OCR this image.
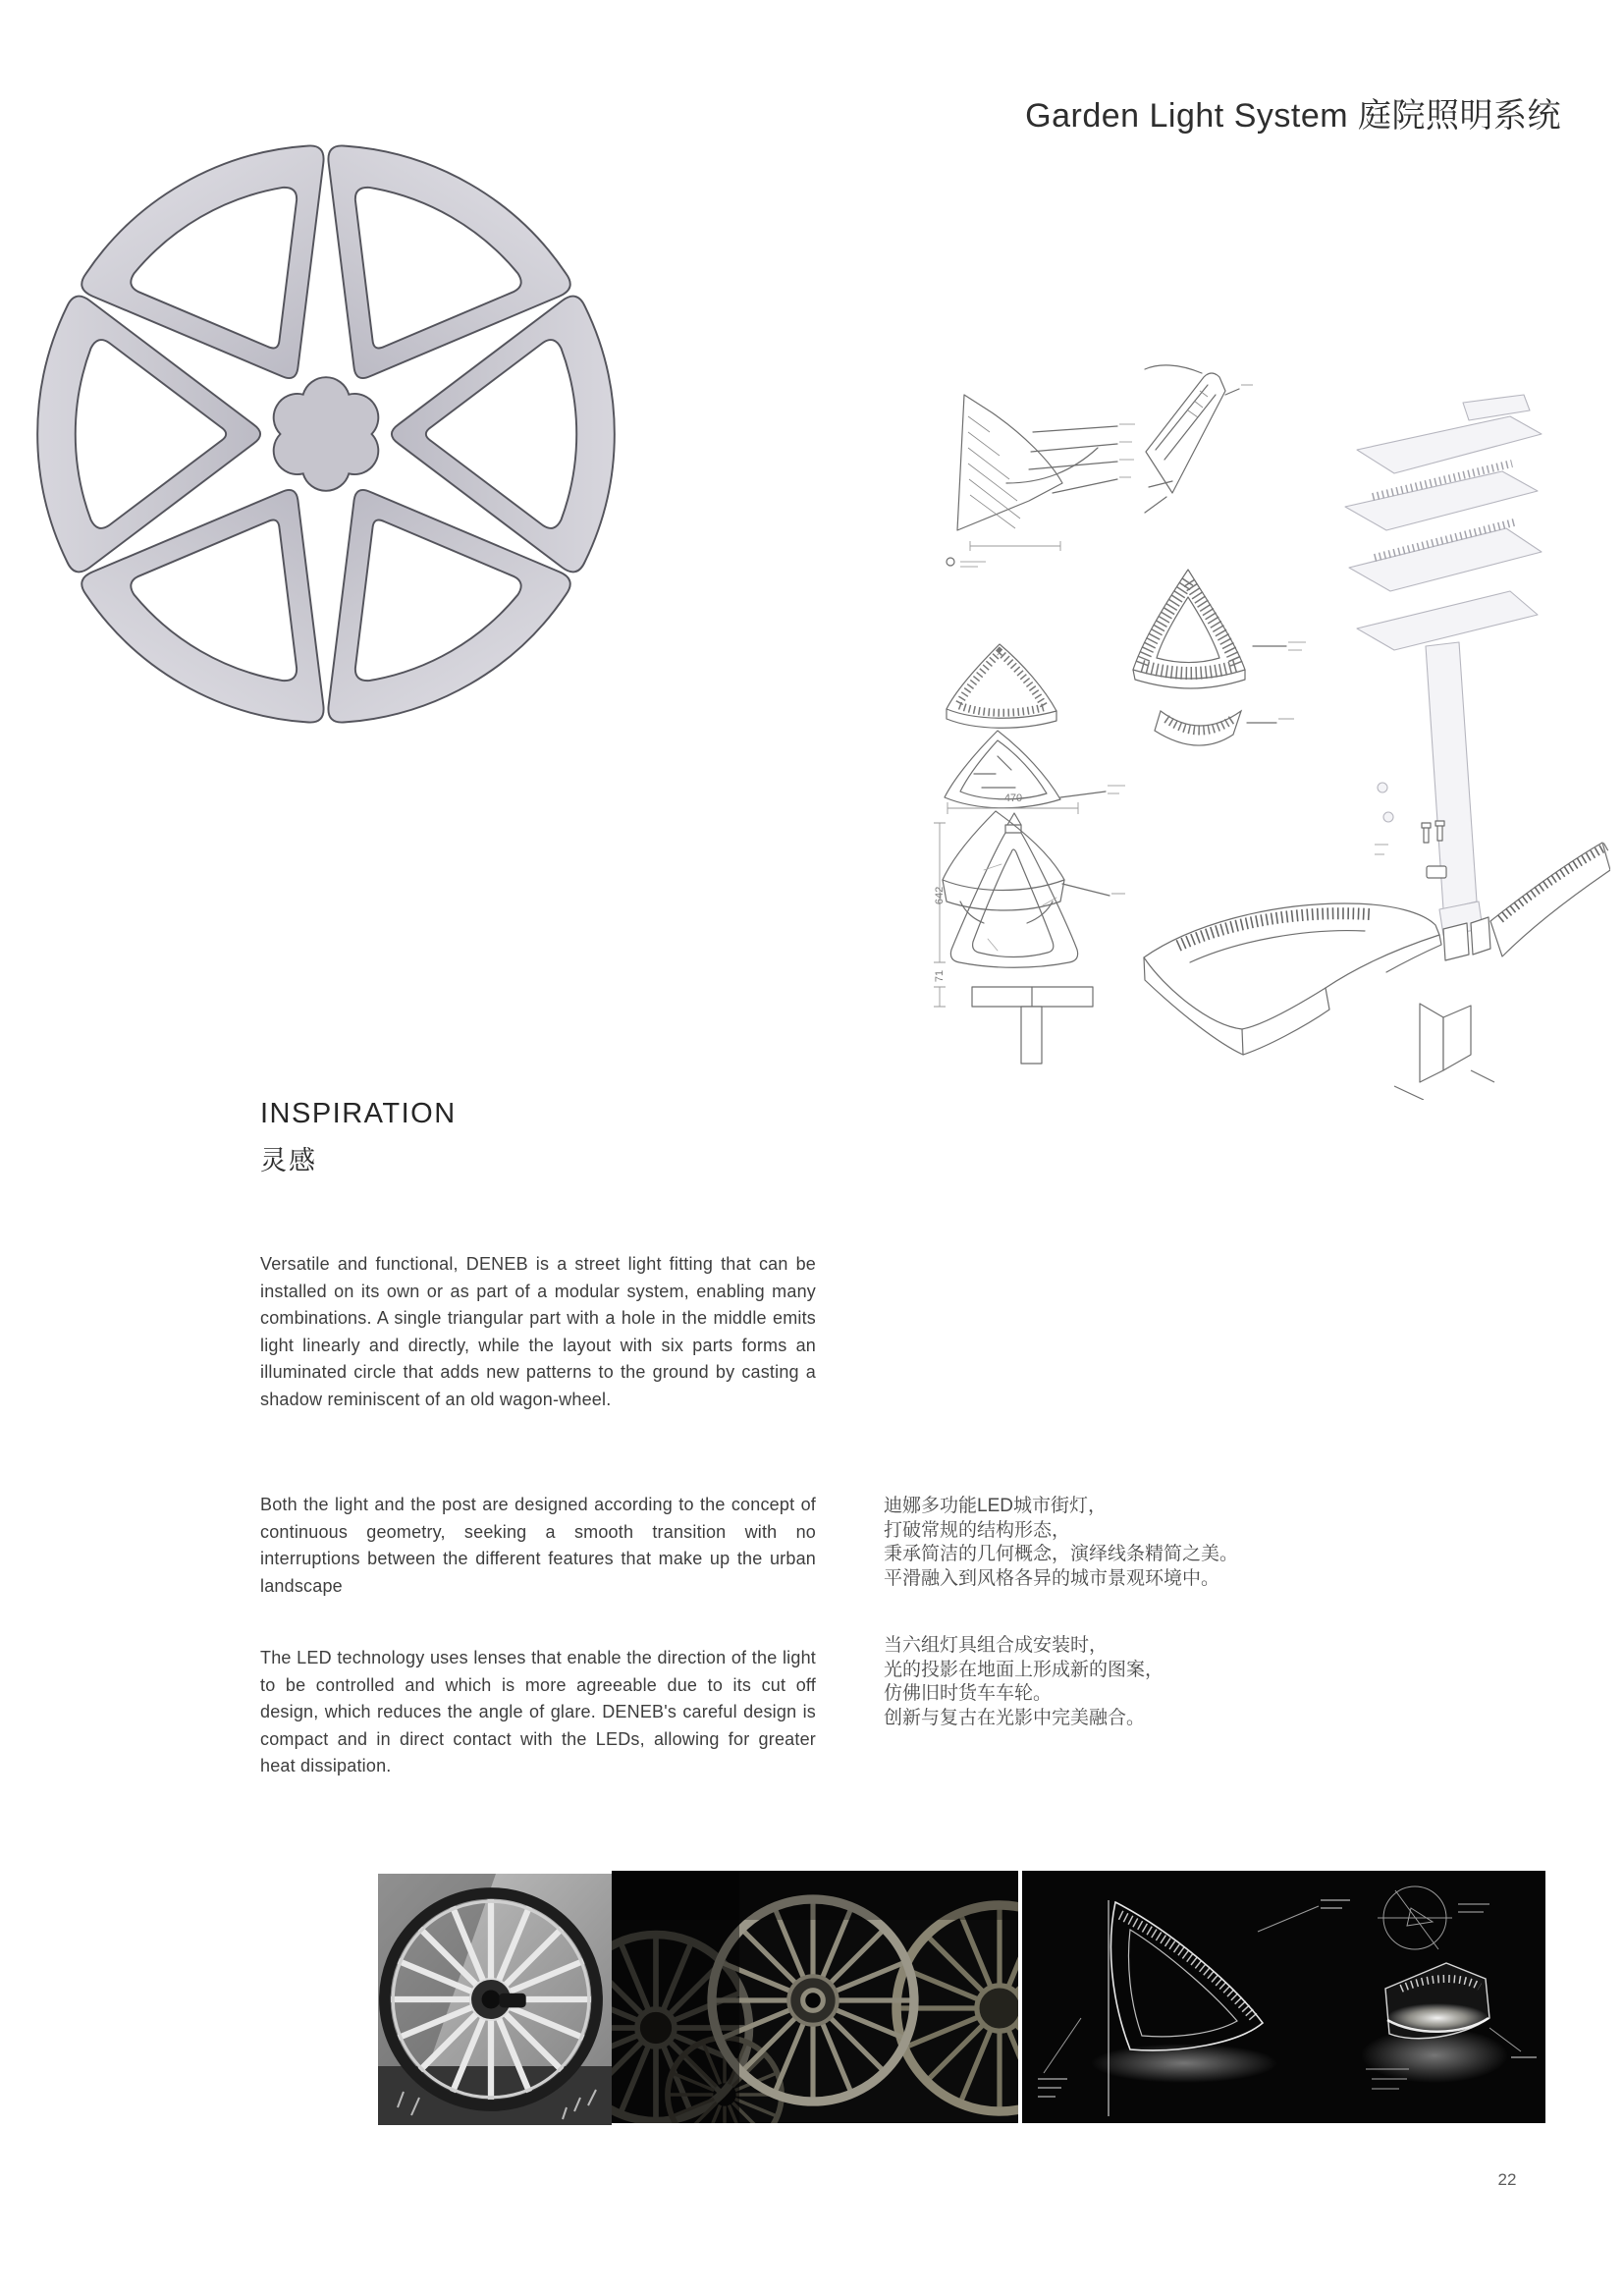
Garden Light System 庭院照明系统
470
642
71
INSPIRATION
灵感

Versatile and functional, DENEB is a street light fitting that can be installed on its own or as part of a modular system, enabling many combinations. A single triangular part with a hole in the middle emits light linearly and directly, while the layout with six parts forms an illuminated circle that adds new patterns to the ground by casting a shadow reminiscent of an old wagon-wheel.

Both the light and the post are designed according to the concept of continuous geometry, seeking a smooth transition with no interruptions between the different features that make up the urban landscape

The LED technology uses lenses that enable the direction of the light to be controlled and which is more agreeable due to its cut off design, which reduces the angle of glare. DENEB's careful design is compact and in direct contact with the LEDs, allowing for greater heat dissipation.

迪娜多功能LED城市街灯，
打破常规的结构形态，
秉承简洁的几何概念，演绎线条精简之美。
平滑融入到风格各异的城市景观环境中。
当六组灯具组合成安装时，
光的投影在地面上形成新的图案，
仿佛旧时货车车轮。
创新与复古在光影中完美融合。
22
